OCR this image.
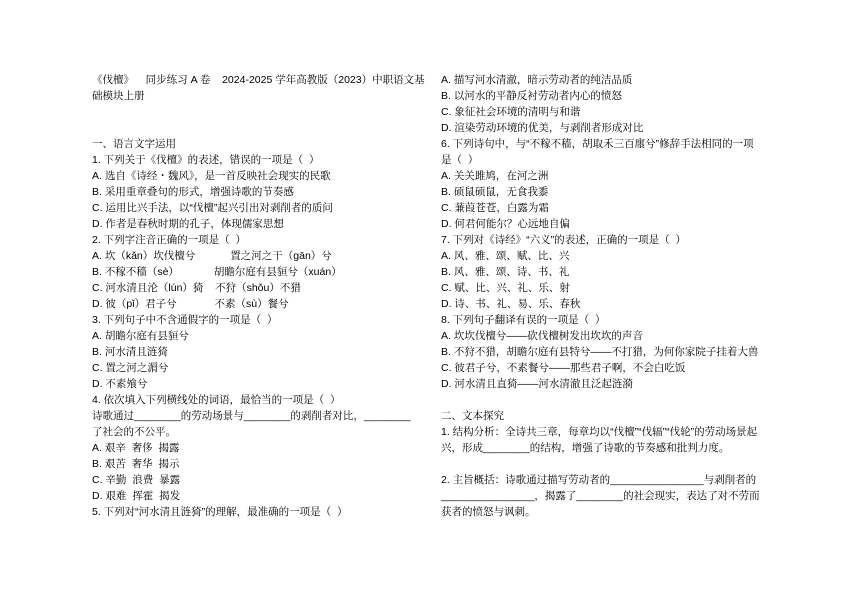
《伐檀》    同步练习 A 卷    2024-2025 学年高教版（2023）中职语文基础模块上册
一、语言文字运用
1. 下列关于《伐檀》的表述，错误的一项是（  ）
A. 选自《诗经・魏风》，是一首反映社会现实的民歌
B. 采用重章叠句的形式，增强诗歌的节奏感
C. 运用比兴手法，以“伐檀”起兴引出对剥削者的质问
D. 作者是春秋时期的孔子，体现儒家思想
2. 下列字注音正确的一项是（  ）
A. 坎（kǎn）坎伐檀兮            置之河之干（gān）兮
B. 不稼不穑（sè）            胡瞻尔庭有县貆兮（xuán）
C. 河水清且沦（lún）猗    不狩（shǒu）不猎
D. 彼（pǐ）君子兮             不素（sù）餐兮
3. 下列句子中不含通假字的一项是（  ）
A. 胡瞻尔庭有县貆兮
B. 河水清且涟猗
C. 置之河之漘兮
D. 不素飧兮
4. 依次填入下列横线处的词语，最恰当的一项是（  ）
诗歌通过________的劳动场景与________的剥削者对比，________了社会的不公平。
A. 艰辛  奢侈  揭露
B. 艰苦  奢华  揭示
C. 辛勤  浪费  暴露
D. 艰难  挥霍  揭发
5. 下列对“河水清且涟猗”的理解，最准确的一项是（  ）
A. 描写河水清澈，暗示劳动者的纯洁品质
B. 以河水的平静反衬劳动者内心的愤怒
C. 象征社会环境的清明与和谐
D. 渲染劳动环境的优美，与剥削者形成对比
6. 下列诗句中，与“不稼不穑，胡取禾三百廛兮”修辞手法相同的一项是（  ）
A. 关关雎鸠，在河之洲
B. 硕鼠硕鼠，无食我黍
C. 蒹葭苍苍，白露为霜
D. 何君何能尔？心远地自偏
7. 下列对《诗经》“六义”的表述，正确的一项是（  ）
A. 风、雅、颂、赋、比、兴
B. 风、雅、颂、诗、书、礼
C. 赋、比、兴、礼、乐、射
D. 诗、书、礼、易、乐、春秋
8. 下列句子翻译有误的一项是（  ）
A. 坎坎伐檀兮——砍伐檀树发出坎坎的声音
B. 不狩不猎，胡瞻尔庭有县特兮——不打猎，为何你家院子挂着大兽
C. 彼君子兮，不素餐兮——那些君子啊，不会白吃饭
D. 河水清且直猗——河水清澈且泛起涟漪
二、文本探究
1. 结构分析：全诗共三章，每章均以“伐檀”“伐辐”“伐轮”的劳动场景起兴，形成________的结构，增强了诗歌的节奏感和批判力度。
2. 主旨概括：诗歌通过描写劳动者的________________与剥削者的________________，揭露了________的社会现实，表达了对不劳而获者的愤怒与讽刺。
